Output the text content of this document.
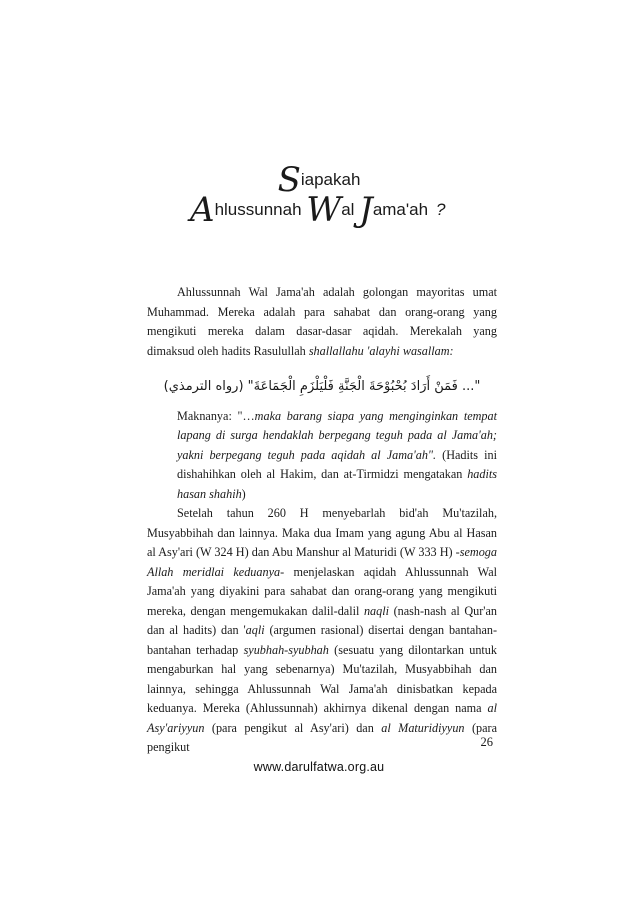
Siapakah
Ahlussunnah Wal Jama'ah ?

Ahlussunnah Wal Jama'ah adalah golongan mayoritas umat Muhammad. Mereka adalah para sahabat dan orang-orang yang mengikuti mereka dalam dasar-dasar aqidah. Merekalah yang dimaksud oleh hadits Rasulullah shallallahu 'alayhi wasallam:

"... فَمَنْ أَرَادَ بُحْبُوْحَةَ الْجَنَّةِ فَلْيَلْزَمِ الْجَمَاعَةَ" (رواه الترمذي)

Maknanya: "…maka barang siapa yang menginginkan tempat lapang di surga hendaklah berpegang teguh pada al Jama'ah; yakni berpegang teguh pada aqidah al Jama'ah". (Hadits ini dishahihkan oleh al Hakim, dan at-Tirmidzi mengatakan hadits hasan shahih)

Setelah tahun 260 H menyebarlah bid'ah Mu'tazilah, Musyabbihah dan lainnya. Maka dua Imam yang agung Abu al Hasan al Asy'ari (W 324 H) dan Abu Manshur al Maturidi (W 333 H) -semoga Allah meridlai keduanya- menjelaskan aqidah Ahlussunnah Wal Jama'ah yang diyakini para sahabat dan orang-orang yang mengikuti mereka, dengan mengemukakan dalil-dalil naqli (nash-nash al Qur'an dan al hadits) dan 'aqli (argumen rasional) disertai dengan bantahan-bantahan terhadap syubhah-syubhah (sesuatu yang dilontarkan untuk mengaburkan hal yang sebenarnya) Mu'tazilah, Musyabbihah dan lainnya, sehingga Ahlussunnah Wal Jama'ah dinisbatkan kepada keduanya. Mereka (Ahlussunnah) akhirnya dikenal dengan nama al Asy'ariyyun (para pengikut al Asy'ari) dan al Maturidiyyun (para pengikut	26
www.darulfatwa.org.au
